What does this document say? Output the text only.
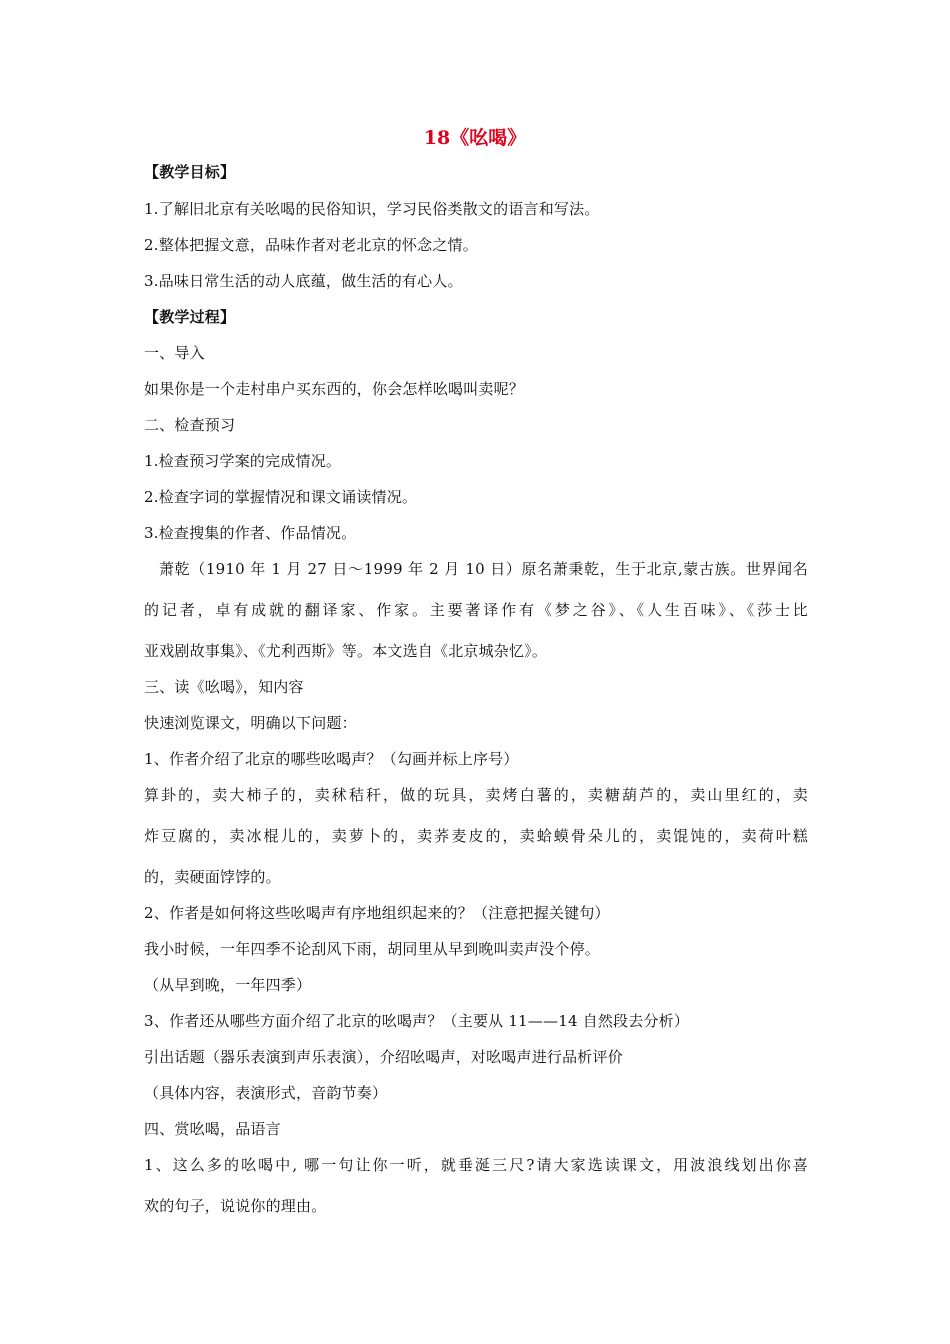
18《吆喝》
【教学目标】
1.了解旧北京有关吆喝的民俗知识，学习民俗类散文的语言和写法。
2.整体把握文意，品味作者对老北京的怀念之情。
3.品味日常生活的动人底蕴，做生活的有心人。
【教学过程】
一、导入
如果你是一个走村串户买东西的，你会怎样吆喝叫卖呢？
二、检查预习
1.检查预习学案的完成情况。
2.检查字词的掌握情况和课文诵读情况。
3.检查搜集的作者、作品情况。
萧乾（1910 年 1 月 27 日～1999 年 2 月 10 日）原名萧秉乾，生于北京,蒙古族。世界闻名
的记者，卓有成就的翻译家、作家。主要著译作有《梦之谷》、《人生百味》、《莎士比
亚戏剧故事集》、《尤利西斯》等。本文选自《北京城杂忆》。
三、读《吆喝》，知内容
快速浏览课文，明确以下问题：
1、作者介绍了北京的哪些吆喝声？（勾画并标上序号）
算卦的，卖大柿子的，卖秫秸秆，做的玩具，卖烤白薯的，卖糖葫芦的，卖山里红的，卖
炸豆腐的，卖冰棍儿的，卖萝卜的，卖荞麦皮的，卖蛤蟆骨朵儿的，卖馄饨的，卖荷叶糕
的，卖硬面饽饽的。
2、作者是如何将这些吆喝声有序地组织起来的？（注意把握关键句）
我小时候，一年四季不论刮风下雨，胡同里从早到晚叫卖声没个停。
（从早到晚，一年四季）
3、作者还从哪些方面介绍了北京的吆喝声？（主要从 11——14 自然段去分析）
引出话题（器乐表演到声乐表演），介绍吆喝声，对吆喝声进行品析评价
（具体内容，表演形式，音韵节奏）
四、赏吆喝，品语言
1、这么多的吆喝中, 哪一句让你一听，就垂涎三尺?请大家选读课文，用波浪线划出你喜
欢的句子，说说你的理由。
